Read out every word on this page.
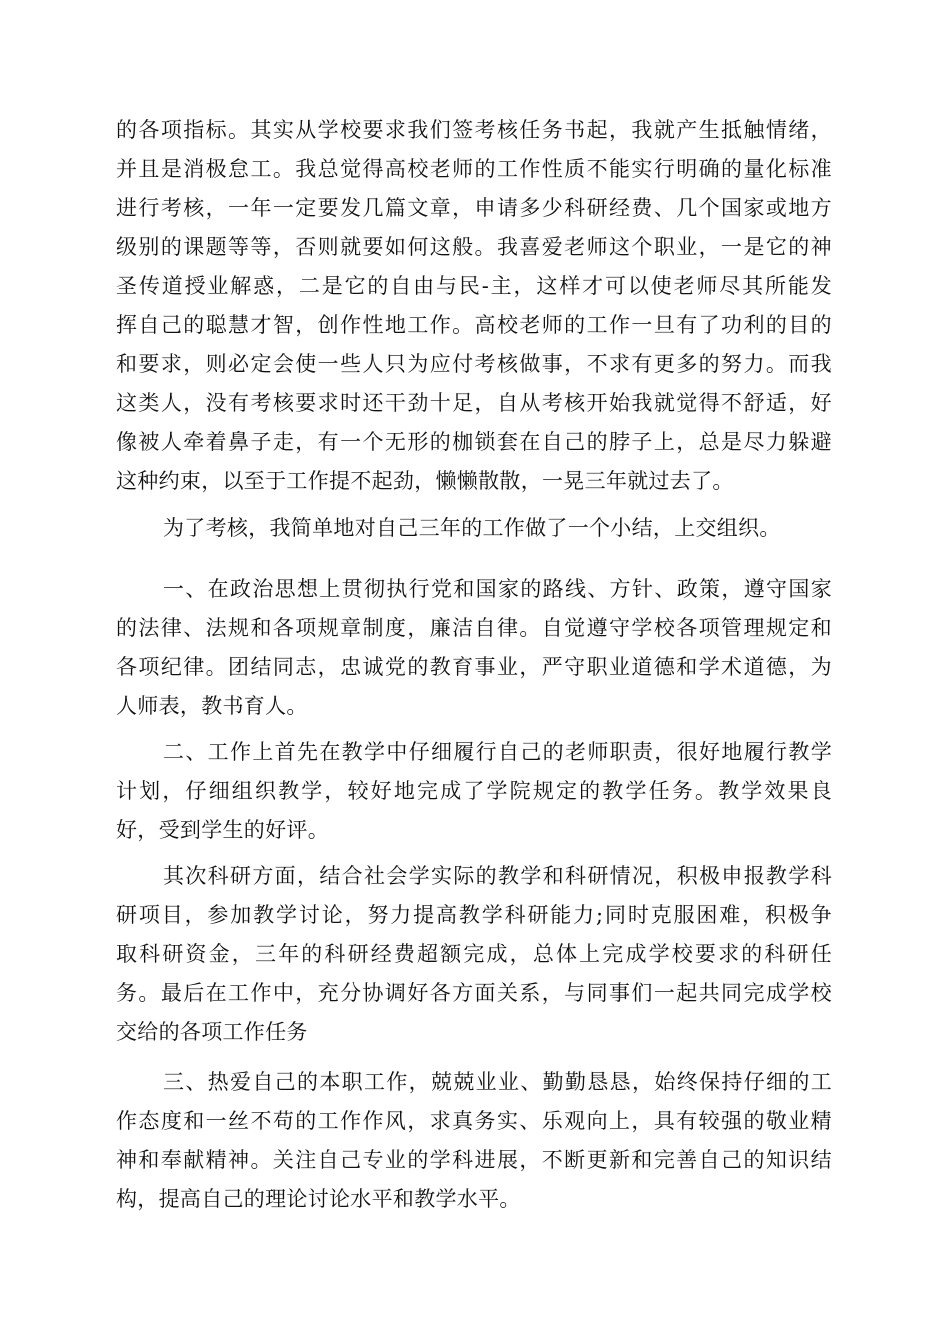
的各项指标。其实从学校要求我们签考核任务书起，我就产生抵触情绪，
并且是消极怠工。我总觉得高校老师的工作性质不能实行明确的量化标准
进行考核，一年一定要发几篇文章，申请多少科研经费、几个国家或地方
级别的课题等等，否则就要如何这般。我喜爱老师这个职业，一是它的神
圣传道授业解惑，二是它的自由与民-主，这样才可以使老师尽其所能发
挥自己的聪慧才智，创作性地工作。高校老师的工作一旦有了功利的目的
和要求，则必定会使一些人只为应付考核做事，不求有更多的努力。而我
这类人，没有考核要求时还干劲十足，自从考核开始我就觉得不舒适，好
像被人牵着鼻子走，有一个无形的枷锁套在自己的脖子上，总是尽力躲避
这种约束，以至于工作提不起劲，懒懒散散，一晃三年就过去了。
为了考核，我简单地对自己三年的工作做了一个小结，上交组织。
一、在政治思想上贯彻执行党和国家的路线、方针、政策，遵守国家
的法律、法规和各项规章制度，廉洁自律。自觉遵守学校各项管理规定和
各项纪律。团结同志，忠诚党的教育事业，严守职业道德和学术道德，为
人师表，教书育人。
二、工作上首先在教学中仔细履行自己的老师职责，很好地履行教学
计划，仔细组织教学，较好地完成了学院规定的教学任务。教学效果良
好，受到学生的好评。
其次科研方面，结合社会学实际的教学和科研情况，积极申报教学科
研项目，参加教学讨论，努力提高教学科研能力;同时克服困难，积极争
取科研资金，三年的科研经费超额完成，总体上完成学校要求的科研任
务。最后在工作中，充分协调好各方面关系，与同事们一起共同完成学校
交给的各项工作任务
三、热爱自己的本职工作，兢兢业业、勤勤恳恳，始终保持仔细的工
作态度和一丝不苟的工作作风，求真务实、乐观向上，具有较强的敬业精
神和奉献精神。关注自己专业的学科进展，不断更新和完善自己的知识结
构，提高自己的理论讨论水平和教学水平。
